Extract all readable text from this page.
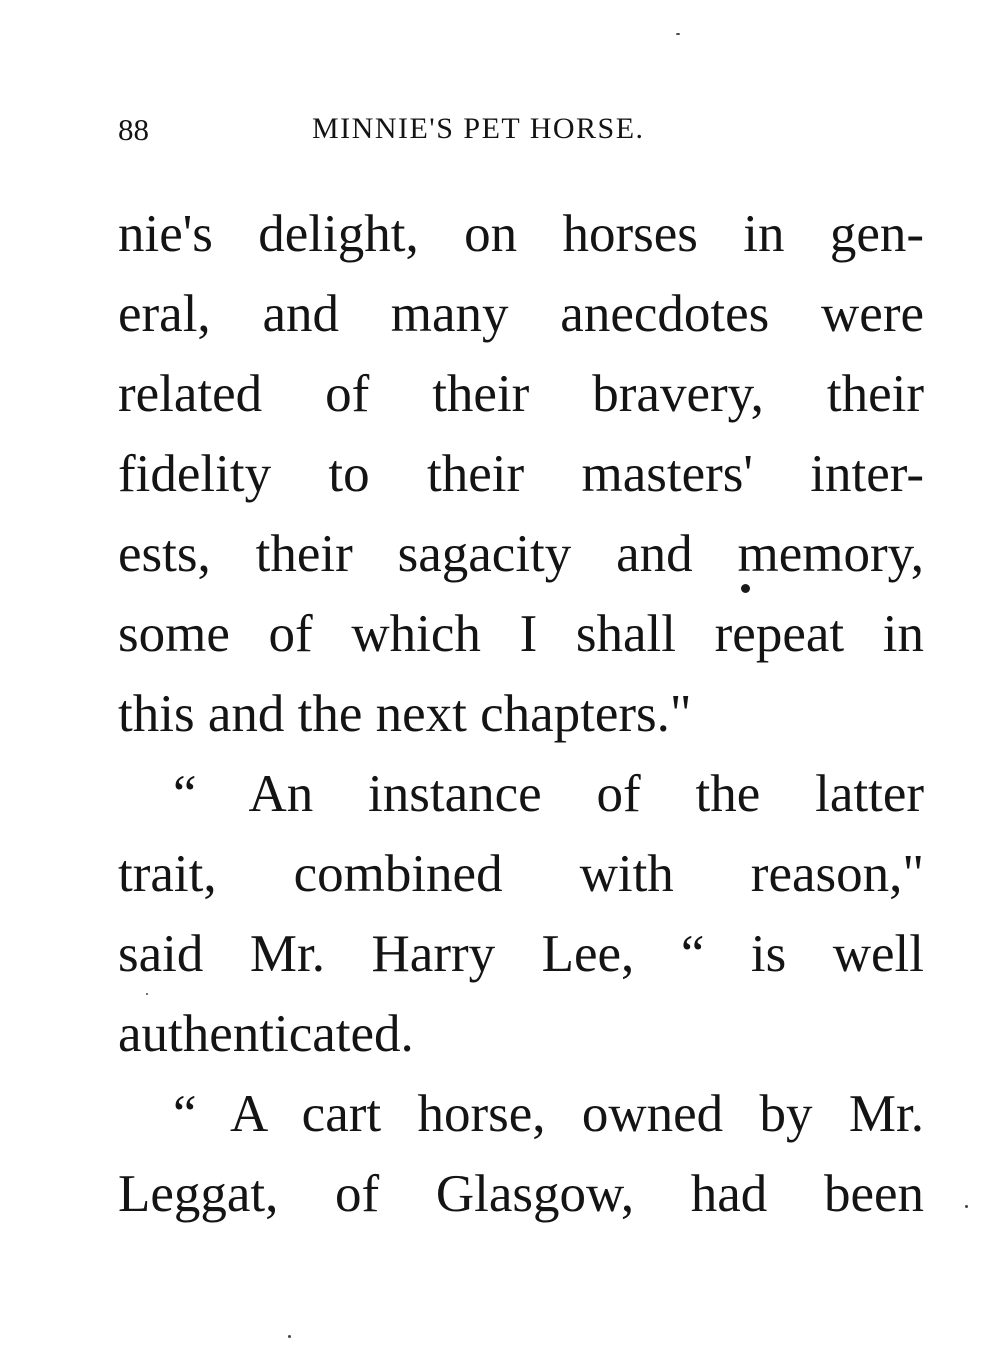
88	MINNIE'S PET HORSE.
nie's delight, on horses in gen-
eral, and many anecdotes were
related of their bravery, their
fidelity to their masters' inter-
ests, their sagacity and memory,
some of which I shall repeat in
this and the next chapters."
“ An instance of the latter
trait, combined with reason,"
said Mr. Harry Lee, “ is well
authenticated.
“ A cart horse, owned by Mr.
Leggat, of Glasgow, had been
